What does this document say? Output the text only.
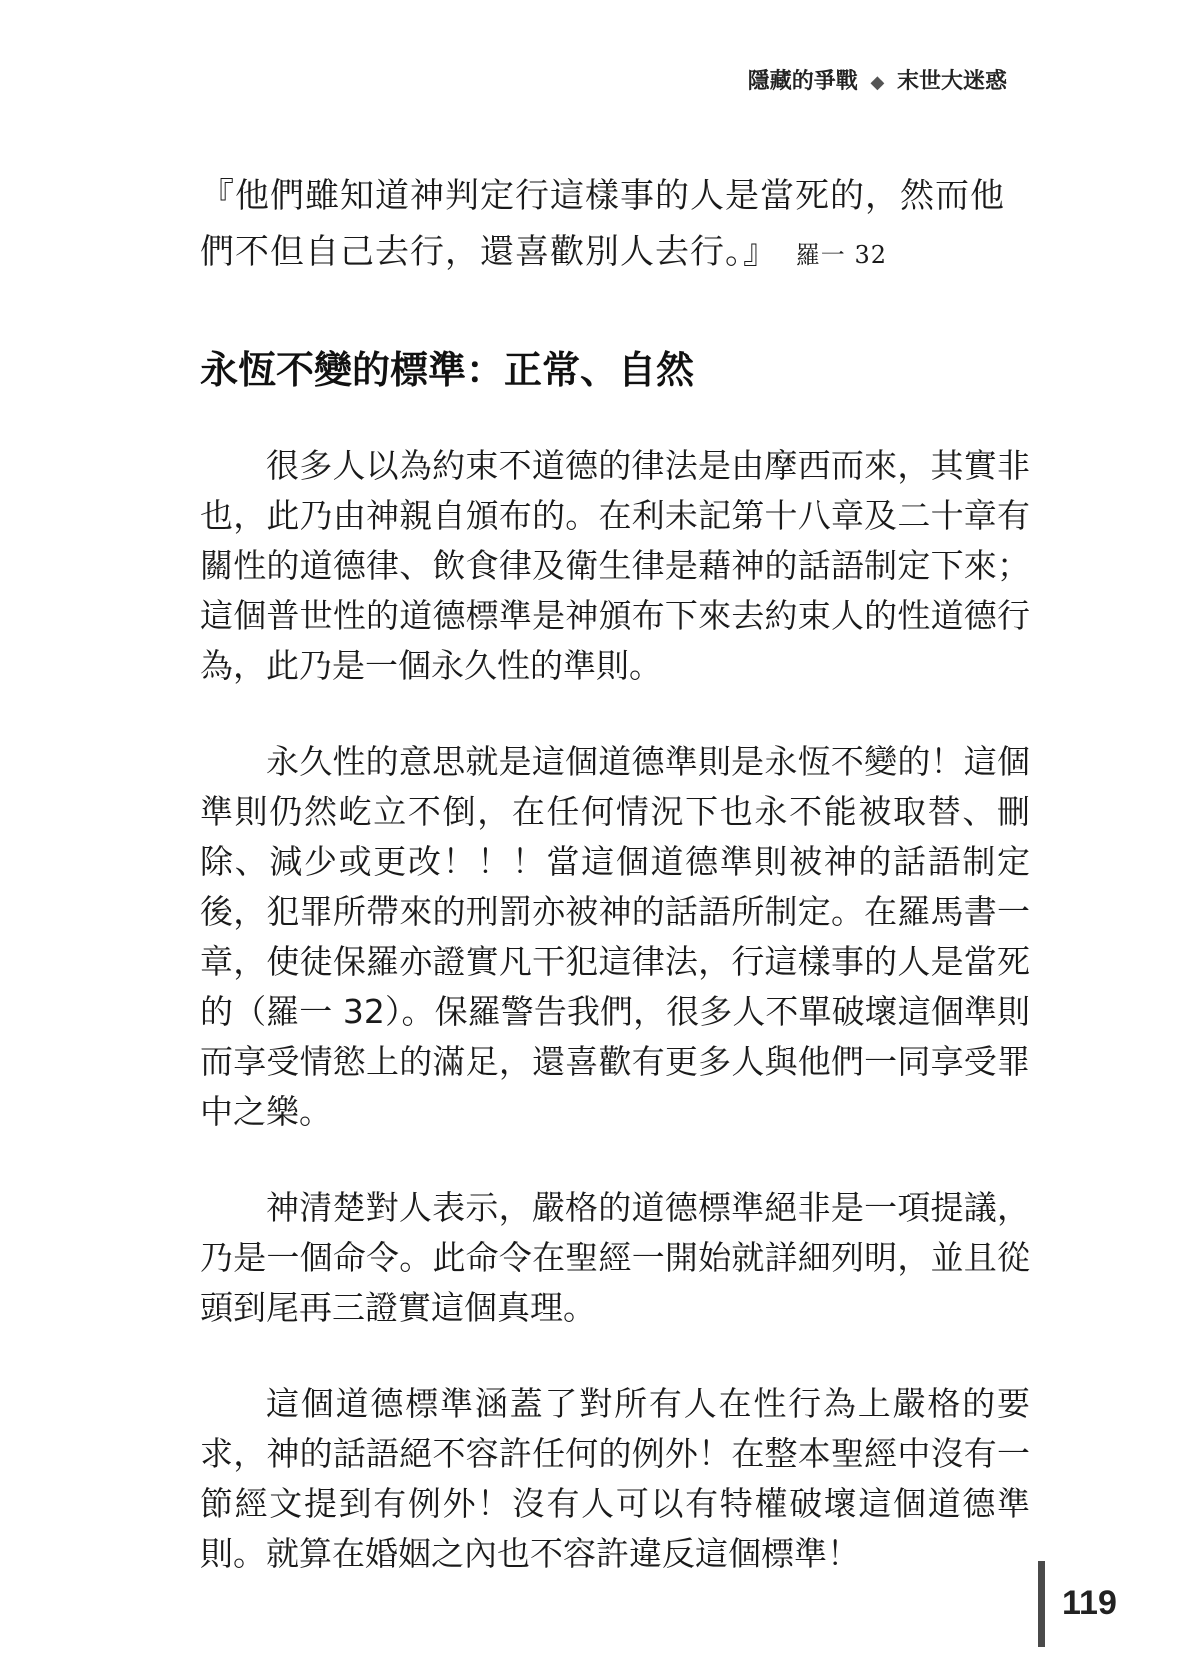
隱藏的爭戰 ◆ 末世大迷惑

『他們雖知道神判定行這樣事的人是當死的，然而他們不但自己去行，還喜歡別人去行。』 羅一 32

永恆不變的標準：正常、自然

很多人以為約束不道德的律法是由摩西而來，其實非也，此乃由神親自頒布的。在利未記第十八章及二十章有關性的道德律、飲食律及衛生律是藉神的話語制定下來；這個普世性的道德標準是神頒布下來去約束人的性道德行為，此乃是一個永久性的準則。

永久性的意思就是這個道德準則是永恆不變的！這個準則仍然屹立不倒，在任何情況下也永不能被取替、刪除、減少或更改！！！當這個道德準則被神的話語制定後，犯罪所帶來的刑罰亦被神的話語所制定。在羅馬書一章，使徒保羅亦證實凡干犯這律法，行這樣事的人是當死的（羅一 32）。保羅警告我們，很多人不單破壞這個準則而享受情慾上的滿足，還喜歡有更多人與他們一同享受罪中之樂。

神清楚對人表示，嚴格的道德標準絕非是一項提議，乃是一個命令。此命令在聖經一開始就詳細列明，並且從頭到尾再三證實這個真理。

這個道德標準涵蓋了對所有人在性行為上嚴格的要求，神的話語絕不容許任何的例外！在整本聖經中沒有一節經文提到有例外！沒有人可以有特權破壞這個道德準則。就算在婚姻之內也不容許違反這個標準！

119
